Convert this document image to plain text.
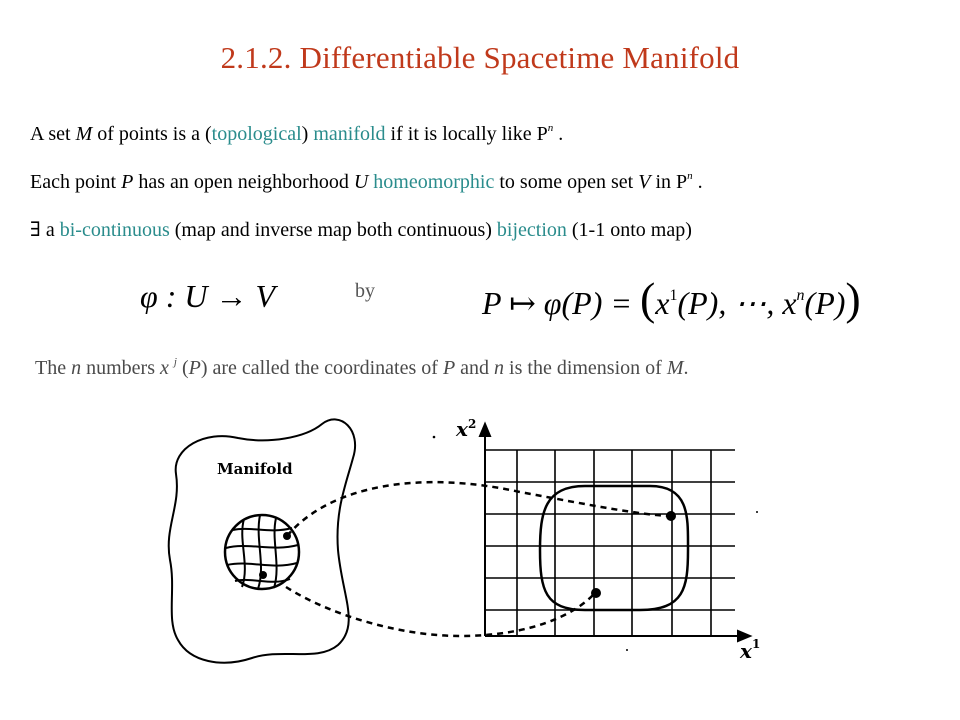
2.1.2. Differentiable Spacetime Manifold
A set M of points is a (topological) manifold if it is locally like $P^n$ .
Each point P has an open neighborhood U homeomorphic to some open set V in $P^n$ .
∃ a bi-continuous (map and inverse map both continuous) bijection (1-1 onto map)
φ : U → V	by	P ↦ $\varphi(P) = (x^1(P)$, ⋯, $x^n(P)$)
The n numbers x $^j$ (P) are called the coordinates of P and n is the dimension of M.
Manifold
x 2
x 1
